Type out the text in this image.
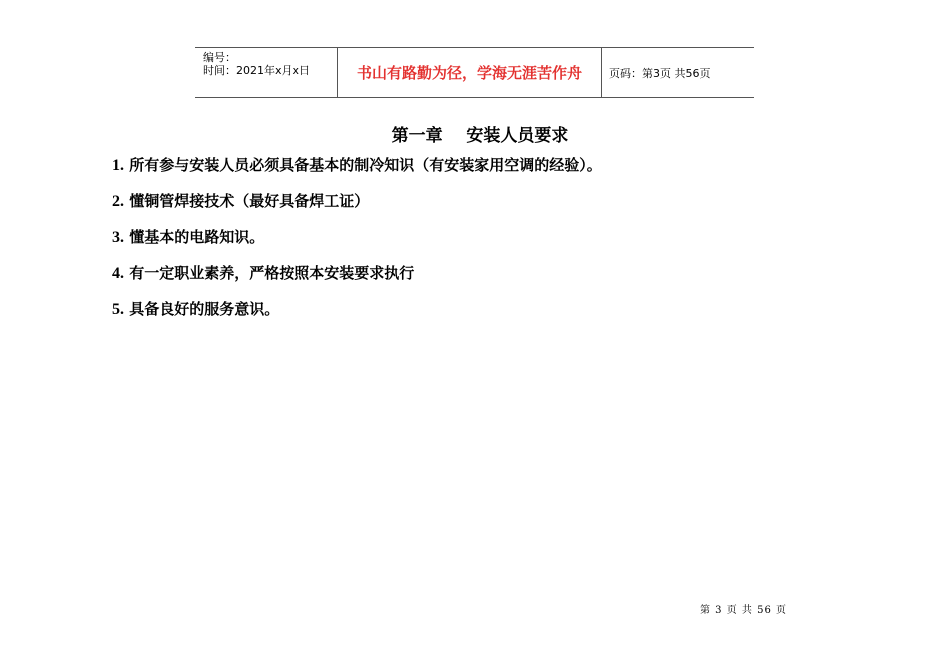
编号：
时间：2021年x月x日	书山有路勤为径，学海无涯苦作舟 页码：第3页 共56页
第一章    安装人员要求
1. 所有参与安装人员必须具备基本的制冷知识（有安装家用空调的经验）。
2. 懂铜管焊接技术（最好具备焊工证）
3. 懂基本的电路知识。
4. 有一定职业素养，严格按照本安装要求执行
5. 具备良好的服务意识。
第 3 页 共 56 页
